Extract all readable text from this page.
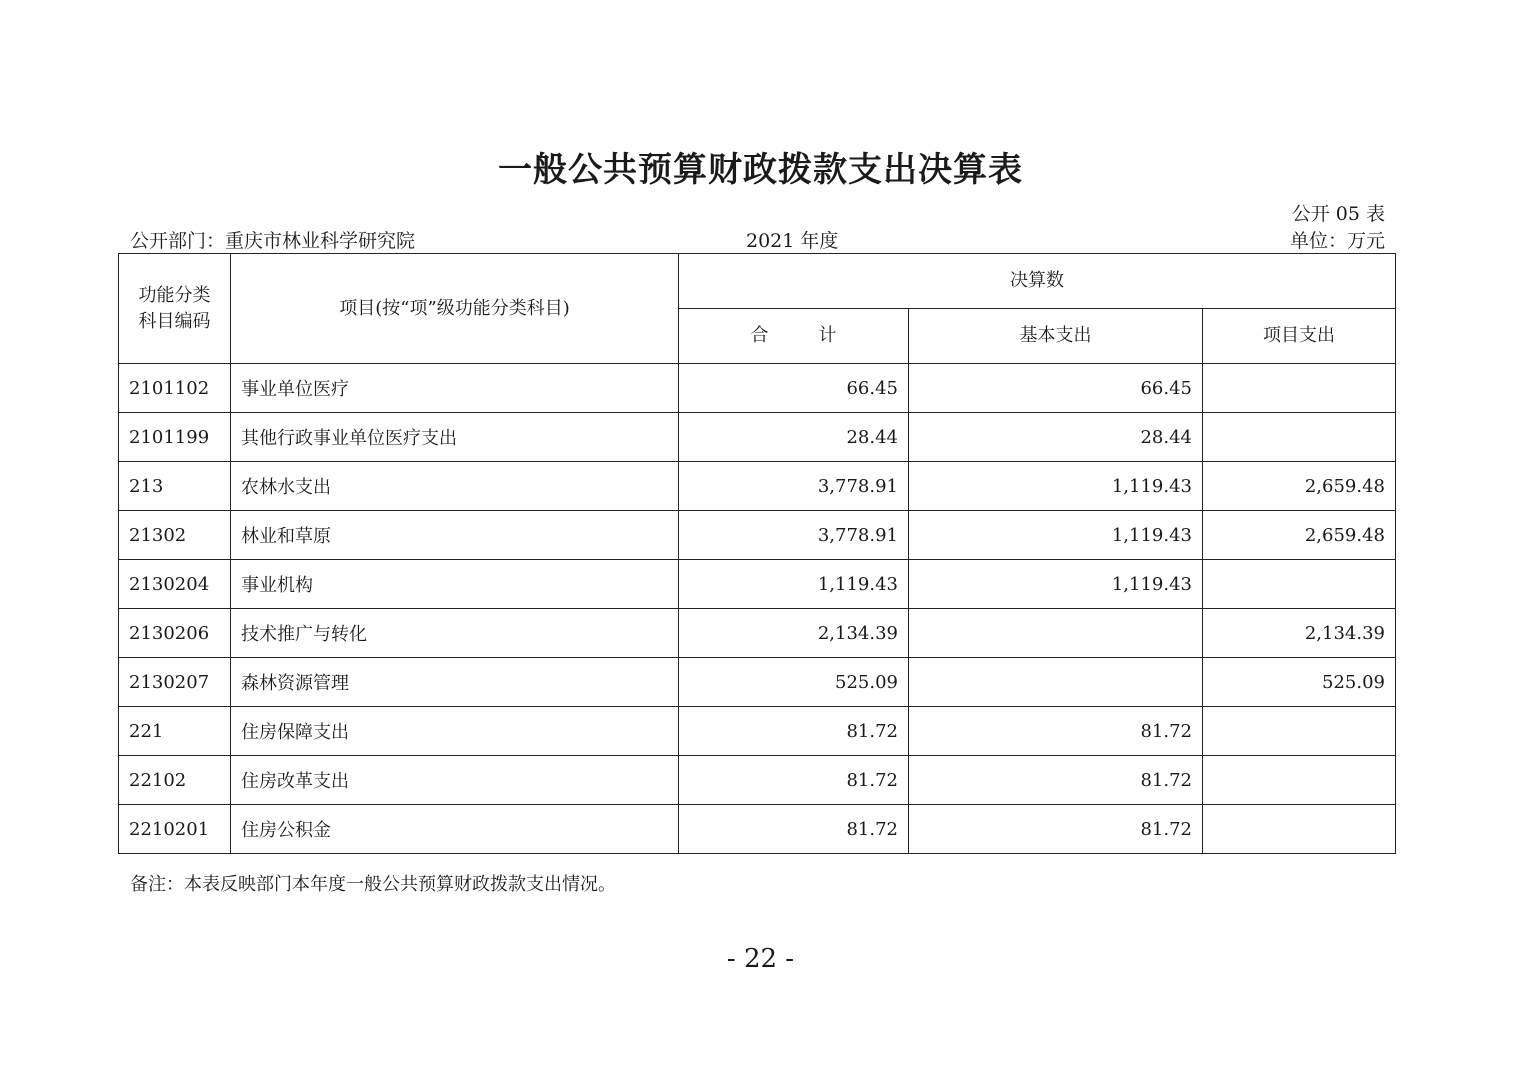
一般公共预算财政拨款支出决算表
公开 05 表
公开部门：重庆市林业科学研究院	2021 年度	单位：万元
功能分类科目编码	项目(按“项”级功能分类科目)	决算数		
		合计	基本支出	项目支出
2101102	事业单位医疗	66.45	66.45	
2101199	其他行政事业单位医疗支出	28.44	28.44	
213	农林水支出	3,778.91	1,119.43	2,659.48
21302	林业和草原	3,778.91	1,119.43	2,659.48
2130204	事业机构	1,119.43	1,119.43	
2130206	技术推广与转化	2,134.39		2,134.39
2130207	森林资源管理	525.09		525.09
221	住房保障支出	81.72	81.72	
22102	住房改革支出	81.72	81.72	
2210201	住房公积金	81.72	81.72	
备注：本表反映部门本年度一般公共预算财政拨款支出情况。
- 22 -
